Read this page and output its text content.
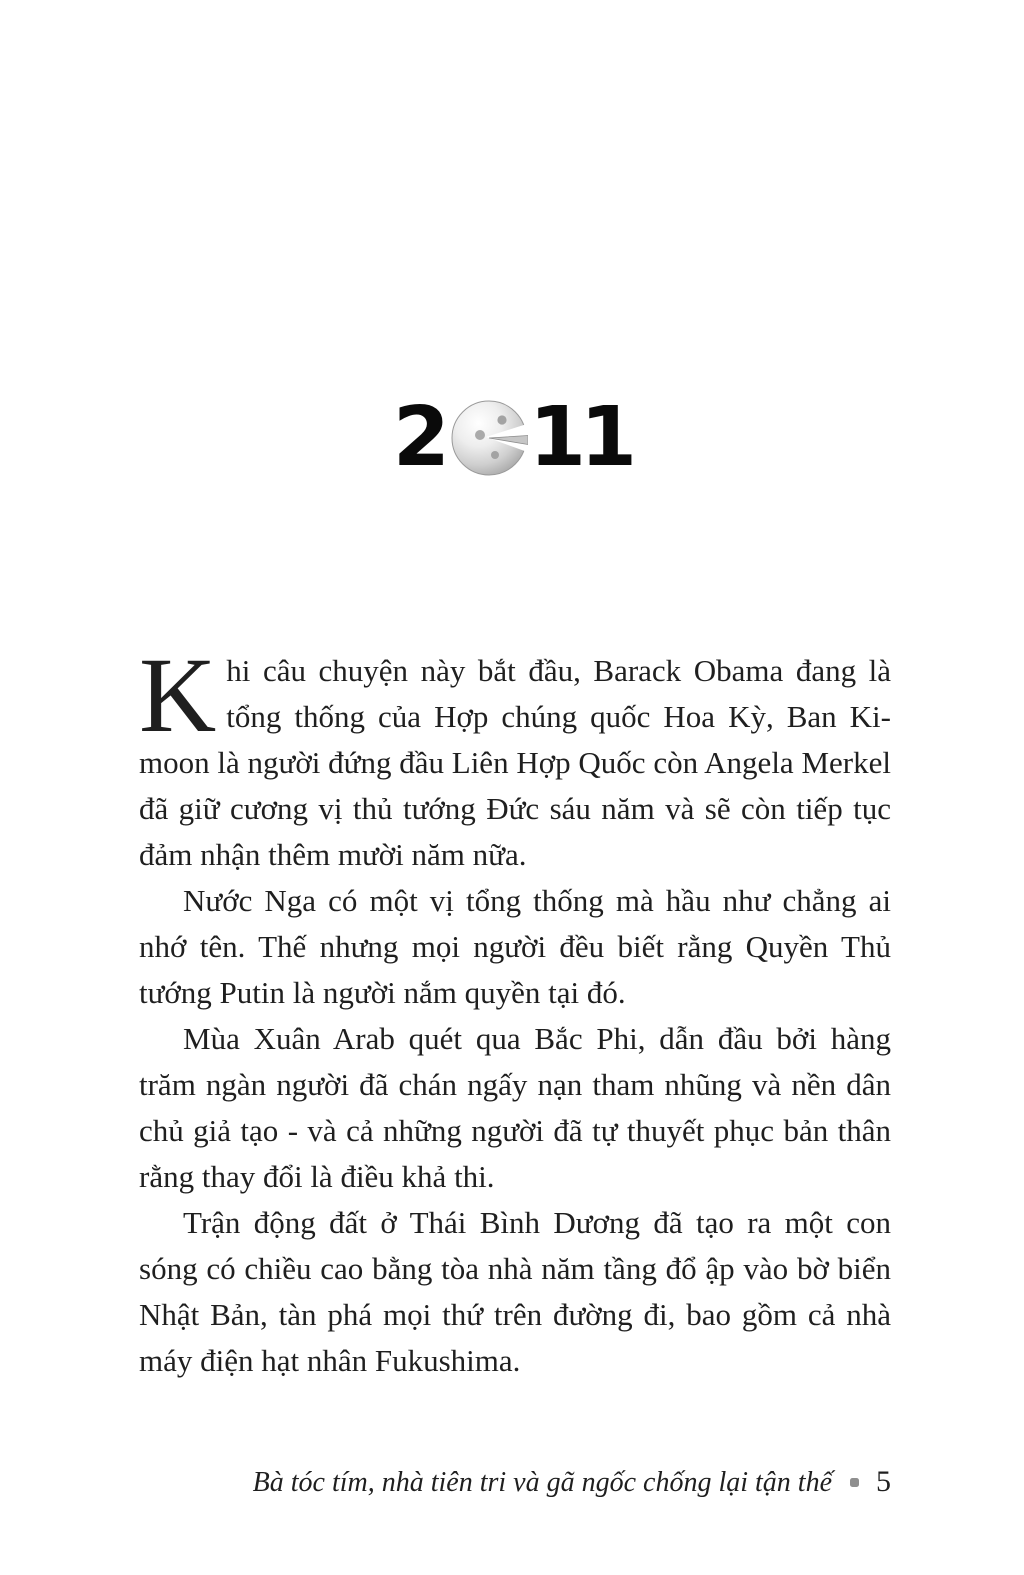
2 11

Khi câu chuyện này bắt đầu, Barack Obama đang là tổng thống của Hợp chúng quốc Hoa Kỳ, Ban Ki-moon là người đứng đầu Liên Hợp Quốc còn Angela Merkel đã giữ cương vị thủ tướng Đức sáu năm và sẽ còn tiếp tục đảm nhận thêm mười năm nữa.

Nước Nga có một vị tổng thống mà hầu như chẳng ai nhớ tên. Thế nhưng mọi người đều biết rằng Quyền Thủ tướng Putin là người nắm quyền tại đó.

Mùa Xuân Arab quét qua Bắc Phi, dẫn đầu bởi hàng trăm ngàn người đã chán ngấy nạn tham nhũng và nền dân chủ giả tạo - và cả những người đã tự thuyết phục bản thân rằng thay đổi là điều khả thi.

Trận động đất ở Thái Bình Dương đã tạo ra một con sóng có chiều cao bằng tòa nhà năm tầng đổ ập vào bờ biển Nhật Bản, tàn phá mọi thứ trên đường đi, bao gồm cả nhà máy điện hạt nhân Fukushima.

Bà tóc tím, nhà tiên tri và gã ngốc chống lại tận thế 5
